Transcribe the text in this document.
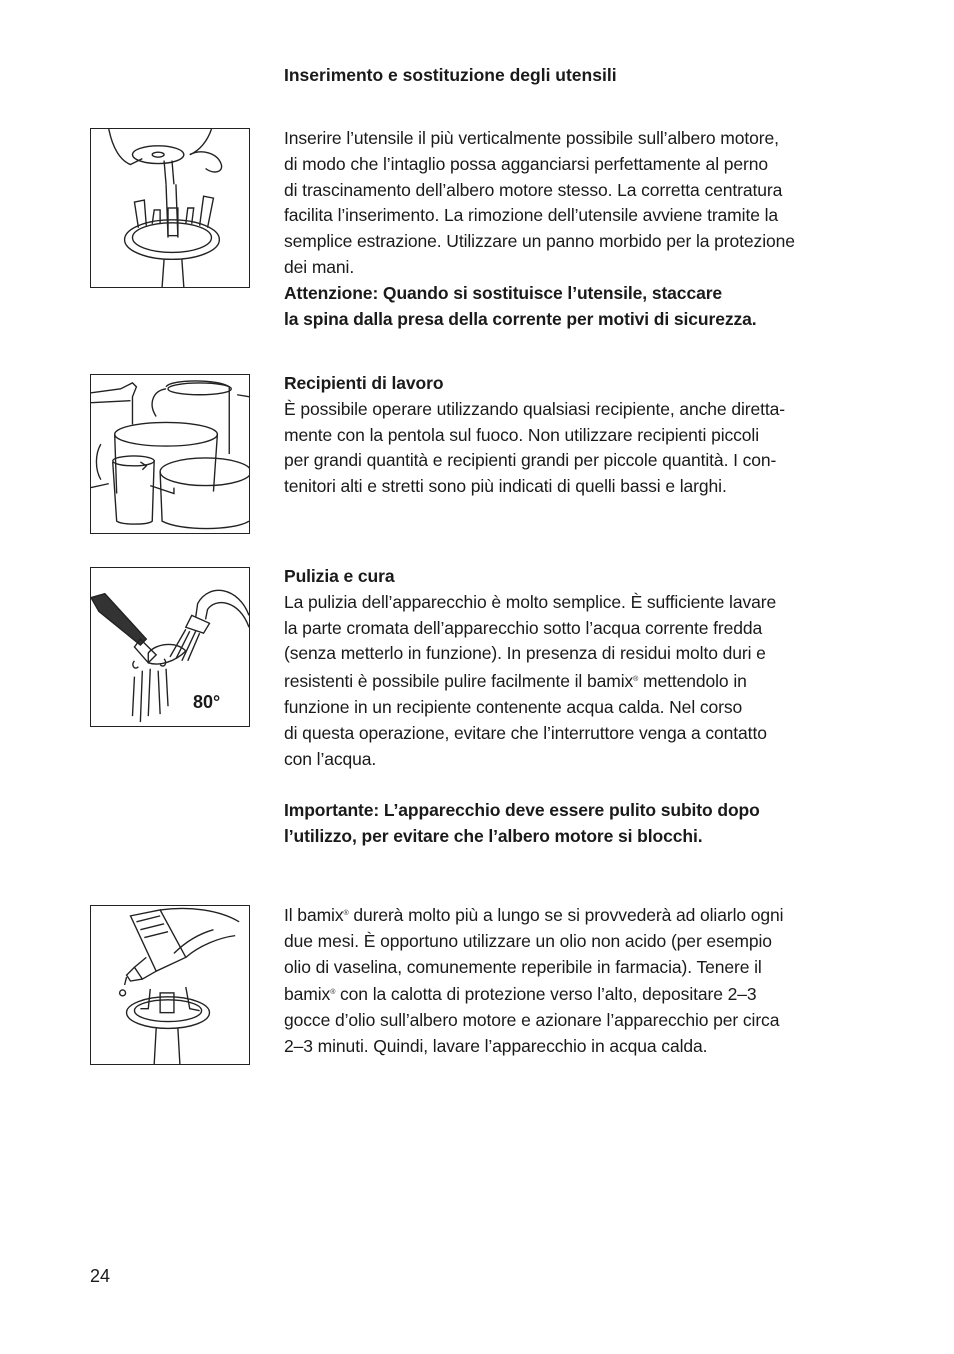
Inserimento e sostituzione degli utensili
Inserire l’utensile il più verticalmente possibile sull’albero motore,
di modo che l’intaglio possa agganciarsi perfettamente al perno
di trascinamento dell’albero motore stesso. La corretta centratura
facilita l’inserimento. La rimozione dell’utensile avviene tramite la
semplice estrazione. Utilizzare un panno morbido per la protezione
dei mani.
Attenzione: Quando si sostituisce l’utensile, staccare
la spina dalla presa della corrente per motivi di sicurezza.
Recipienti di lavoro
È possibile operare utilizzando qualsiasi recipiente, anche diretta-
mente con la pentola sul fuoco. Non utilizzare recipienti piccoli
per grandi quantità e recipienti grandi per piccole quantità. I con-
tenitori alti e stretti sono più indicati di quelli bassi e larghi.
80°
Pulizia e cura
La pulizia dell’apparecchio è molto semplice. È sufficiente lavare
la parte cromata dell’apparecchio sotto l’acqua corrente fredda
(senza metterlo in funzione). In presenza di residui molto duri e
resistenti è possibile pulire facilmente il bamix® mettendolo in
funzione in un recipiente contenente acqua calda. Nel corso
di questa operazione, evitare che l’interruttore venga a contatto
con l’acqua.
Importante: L’apparecchio deve essere pulito subito dopo
l’utilizzo, per evitare che l’albero motore si blocchi.
Il bamix® durerà molto più a lungo se si provvederà ad oliarlo ogni
due mesi. È opportuno utilizzare un olio non acido (per esempio
olio di vaselina, comunemente reperibile in farmacia). Tenere il
bamix® con la calotta di protezione verso l’alto, depositare 2–3
gocce d’olio sull’albero motore e azionare l’apparecchio per circa
2–3 minuti. Quindi, lavare l’apparecchio in acqua calda.
24
